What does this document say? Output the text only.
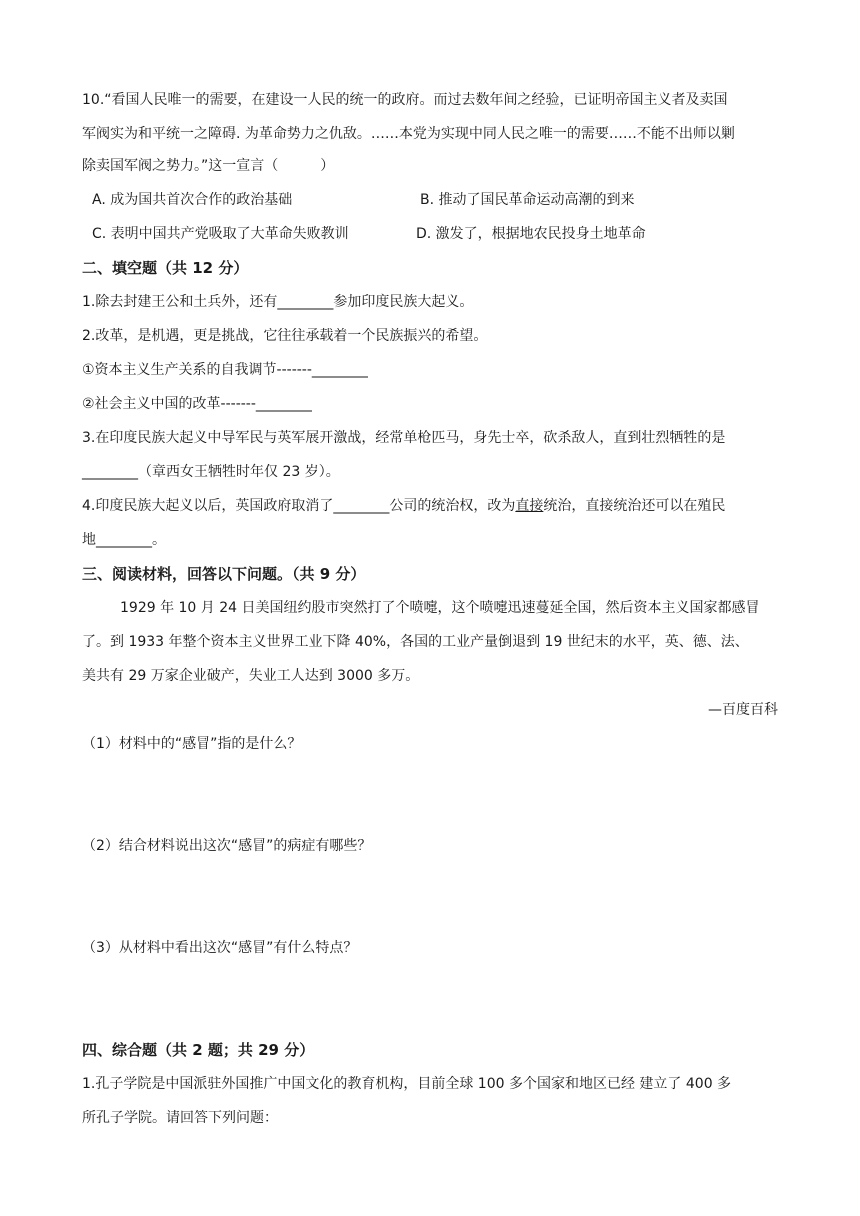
10.“看国人民唯一的需要，在建设一人民的统一的政府。而过去数年间之经验，已证明帝国主义者及卖国
军阀实为和平统一之障碍. 为革命势力之仇敌。……本党为实现中同人民之唯一的需要……不能不出师以剿
除卖国军阀之势力。”这一宣言（　　　）
A. 成为国共首次合作的政治基础	B. 推动了国民革命运动高潮的到来
C. 表明中国共产党吸取了大革命失败教训	D. 激发了，根据地农民投身土地革命
二、填空题（共 12 分）
1.除去封建王公和土兵外，还有________参加印度民族大起义。
2.改革，是机遇，更是挑战，它往往承载着一个民族振兴的希望。
①资本主义生产关系的自我调节-------________
②社会主义中国的改革-------________
3.在印度民族大起义中导军民与英军展开激战，经常单枪匹马，身先士卒，砍杀敌人，直到壮烈牺牲的是
________（章西女王牺牲时年仅 23 岁）。
4.印度民族大起义以后，英国政府取消了________公司的统治权，改为直接统治，直接统治还可以在殖民
地________。
三、阅读材料，回答以下问题。（共 9 分）
1929 年 10 月 24 日美国纽约股市突然打了个喷嚏，这个喷嚏迅速蔓延全国，然后资本主义国家都感冒
了。到 1933 年整个资本主义世界工业下降 40%，各国的工业产量倒退到 19 世纪末的水平，英、德、法、
美共有 29 万家企业破产，失业工人达到 3000 多万。
—百度百科
（1）材料中的“感冒”指的是什么？
（2）结合材料说出这次“感冒”的病症有哪些？
（3）从材料中看出这次“感冒”有什么特点？
四、综合题（共 2 题；共 29 分）
1.孔子学院是中国派驻外国推广中国文化的教育机构，目前全球 100 多个国家和地区已经 建立了 400 多
所孔子学院。请回答下列问题：
